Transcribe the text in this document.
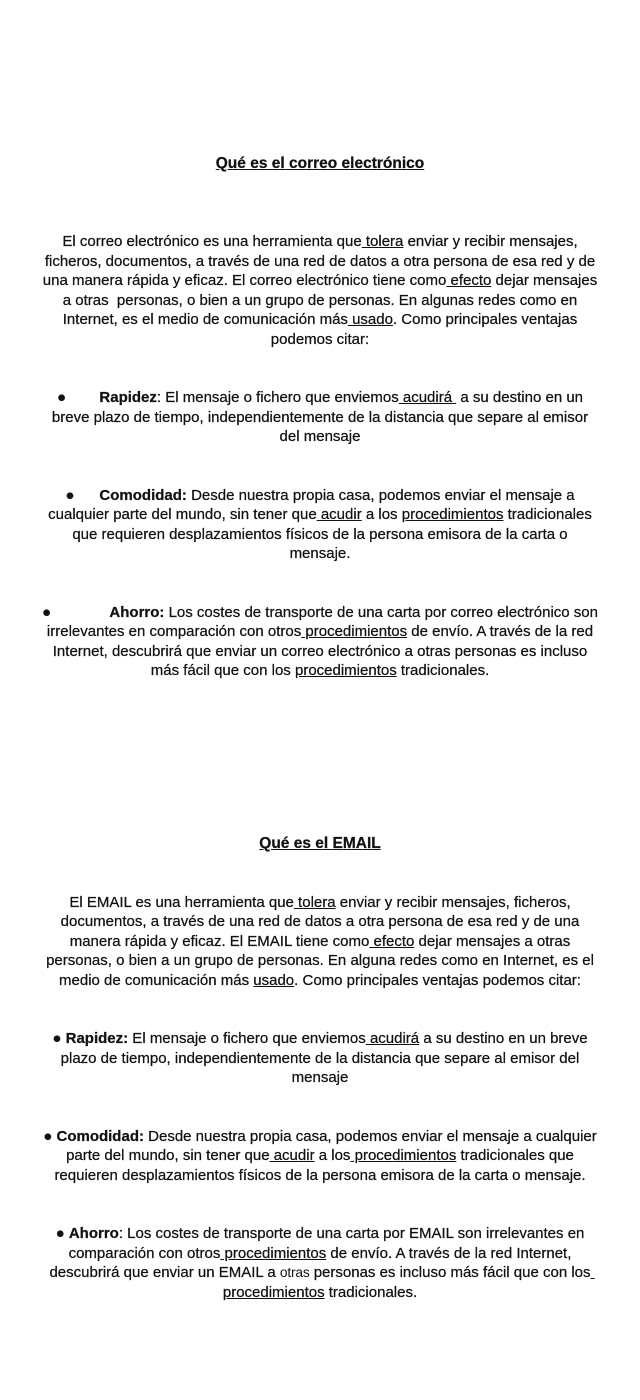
Qué es el correo electrónico

El correo electrónico es una herramienta que tolera enviar y recibir mensajes, ficheros, documentos, a través de una red de datos a otra persona de esa red y de una manera rápida y eficaz. El correo electrónico tiene como efecto dejar mensajes a otras  personas, o bien a un grupo de personas. En algunas redes como en Internet, es el medio de comunicación más usado. Como principales ventajas podemos citar:

●        Rapidez: El mensaje o fichero que enviemos acudirá  a su destino en un breve plazo de tiempo, independientemente de la distancia que separe al emisor del mensaje

●      Comodidad: Desde nuestra propia casa, podemos enviar el mensaje a cualquier parte del mundo, sin tener que acudir a los procedimientos tradicionales que requieren desplazamientos físicos de la persona emisora de la carta o mensaje.

●              Ahorro: Los costes de transporte de una carta por correo electrónico son irrelevantes en comparación con otros procedimientos de envío. A través de la red Internet, descubrirá que enviar un correo electrónico a otras personas es incluso más fácil que con los procedimientos tradicionales.

Qué es el EMAIL

El EMAIL es una herramienta que tolera enviar y recibir mensajes, ficheros, documentos, a través de una red de datos a otra persona de esa red y de una manera rápida y eficaz. El EMAIL tiene como efecto dejar mensajes a otras personas, o bien a un grupo de personas. En alguna redes como en Internet, es el medio de comunicación más usado. Como principales ventajas podemos citar:

● Rapidez: El mensaje o fichero que enviemos acudirá a su destino en un breve plazo de tiempo, independientemente de la distancia que separe al emisor del mensaje

● Comodidad: Desde nuestra propia casa, podemos enviar el mensaje a cualquier parte del mundo, sin tener que acudir a los procedimientos tradicionales que requieren desplazamientos físicos de la persona emisora de la carta o mensaje.

● Ahorro: Los costes de transporte de una carta por EMAIL son irrelevantes en comparación con otros procedimientos de envío. A través de la red Internet, descubrirá que enviar un EMAIL a otras personas es incluso más fácil que con los procedimientos tradicionales.
